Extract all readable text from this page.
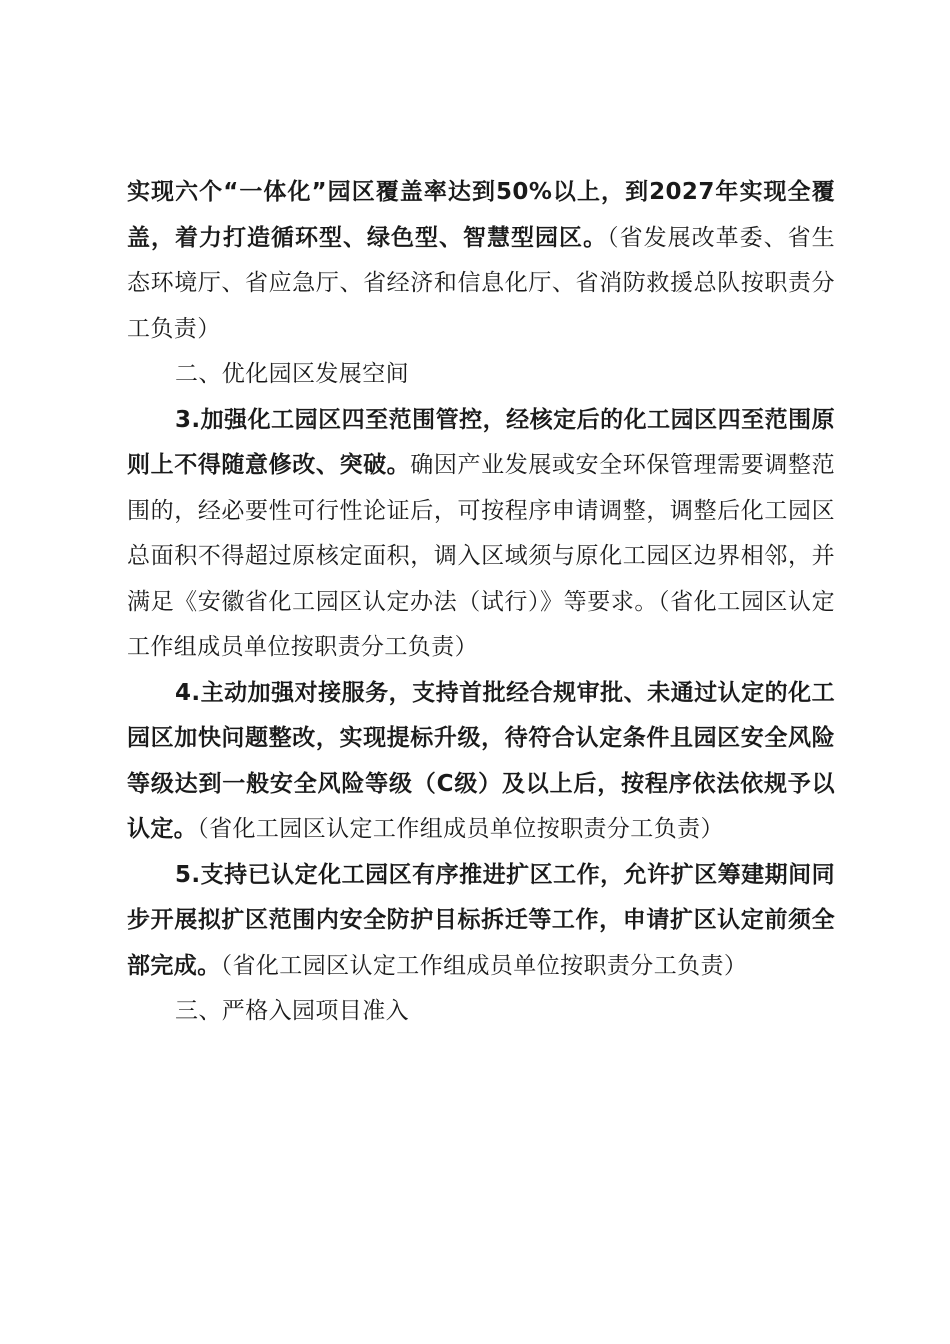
实现六个“一体化”园区覆盖率达到50%以上，到2027年实现全覆盖，着力打造循环型、绿色型、智慧型园区。（省发展改革委、省生态环境厅、省应急厅、省经济和信息化厅、省消防救援总队按职责分工负责）

二、优化园区发展空间

3.加强化工园区四至范围管控，经核定后的化工园区四至范围原则上不得随意修改、突破。确因产业发展或安全环保管理需要调整范围的，经必要性可行性论证后，可按程序申请调整，调整后化工园区总面积不得超过原核定面积，调入区域须与原化工园区边界相邻，并满足《安徽省化工园区认定办法（试行）》等要求。（省化工园区认定工作组成员单位按职责分工负责）

4.主动加强对接服务，支持首批经合规审批、未通过认定的化工园区加快问题整改，实现提标升级，待符合认定条件且园区安全风险等级达到一般安全风险等级（C级）及以上后，按程序依法依规予以认定。（省化工园区认定工作组成员单位按职责分工负责）

5.支持已认定化工园区有序推进扩区工作，允许扩区筹建期间同步开展拟扩区范围内安全防护目标拆迁等工作，申请扩区认定前须全部完成。（省化工园区认定工作组成员单位按职责分工负责）

三、严格入园项目准入
